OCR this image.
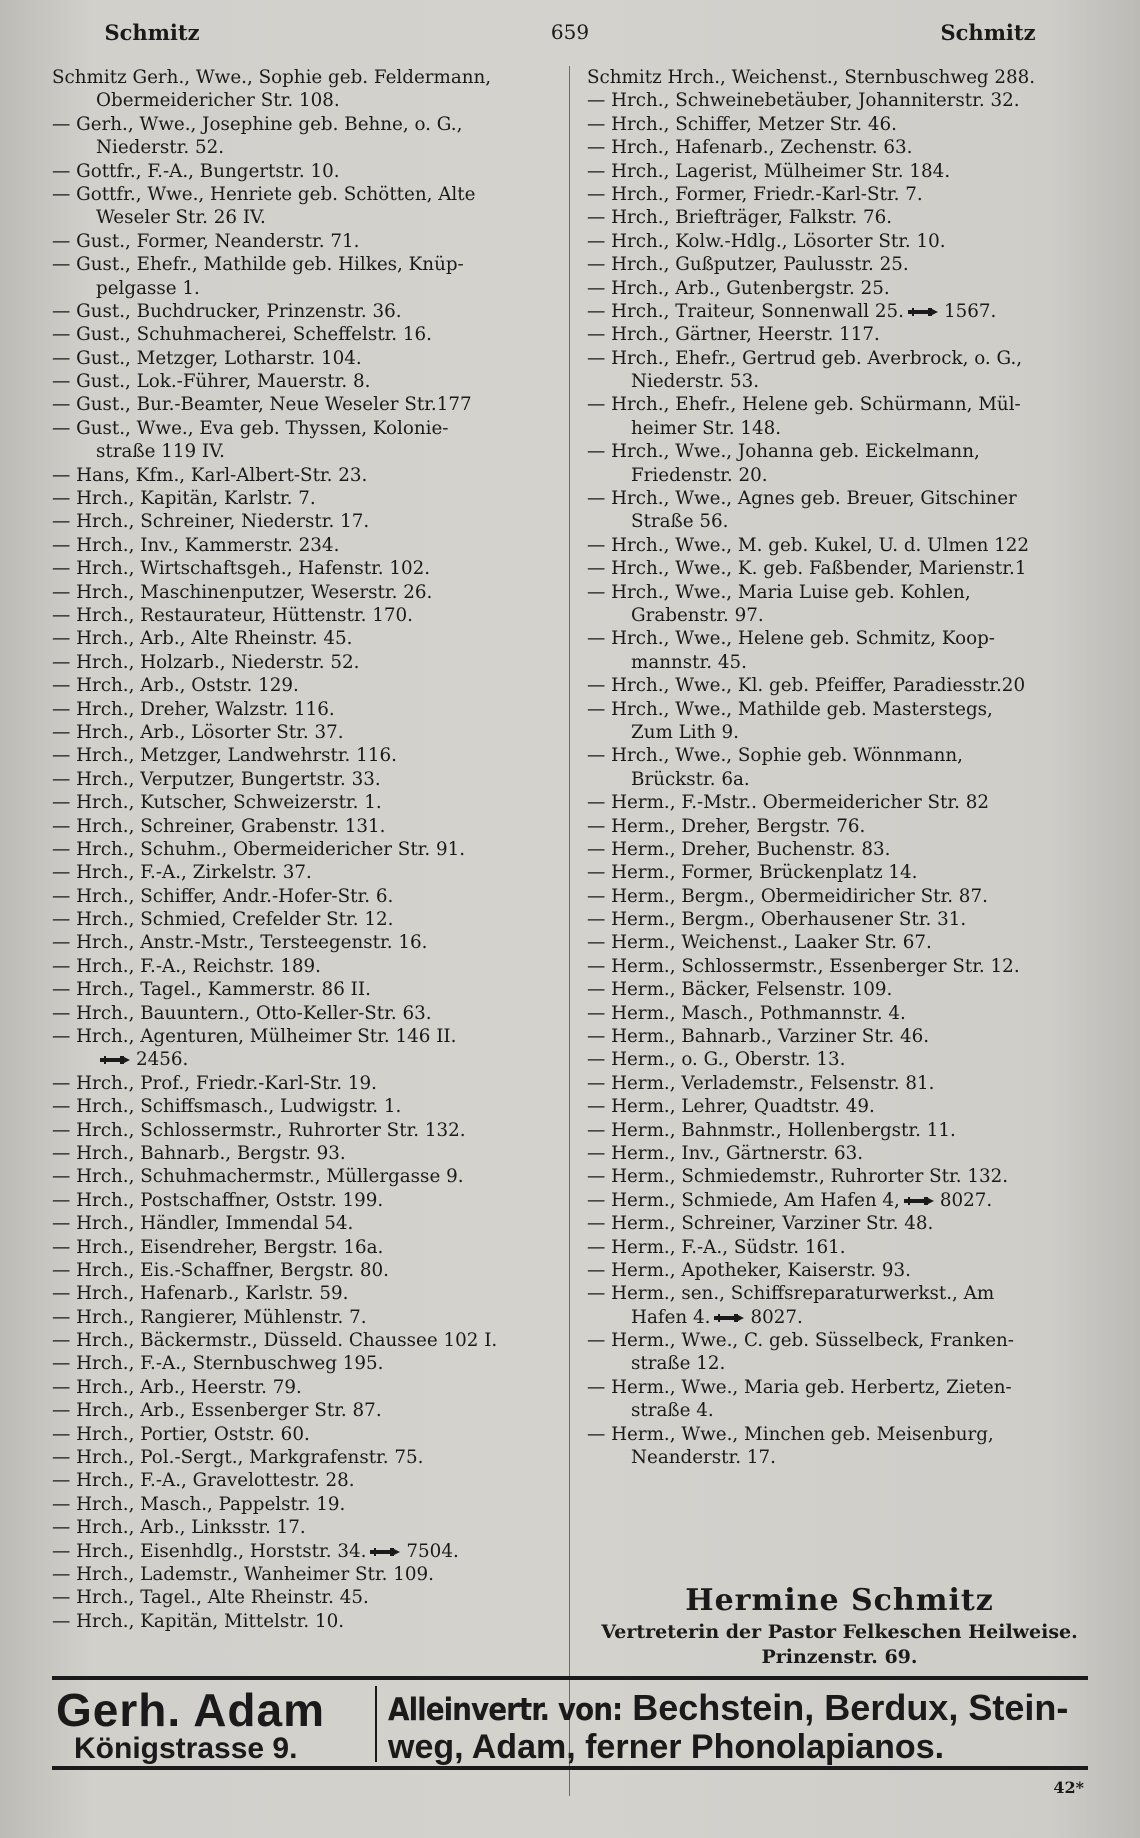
Schmitz	659	Schmitz
Schmitz Gerh., Wwe., Sophie geb. Feldermann,
Obermeidericher Str. 108.
— Gerh., Wwe., Josephine geb. Behne, o. G.,
Niederstr. 52.
— Gottfr., F.-A., Bungertstr. 10.
— Gottfr., Wwe., Henriete geb. Schötten, Alte
Weseler Str. 26 IV.
— Gust., Former, Neanderstr. 71.
— Gust., Ehefr., Mathilde geb. Hilkes, Knüp-
pelgasse 1.
— Gust., Buchdrucker, Prinzenstr. 36.
— Gust., Schuhmacherei, Scheffelstr. 16.
— Gust., Metzger, Lotharstr. 104.
— Gust., Lok.-Führer, Mauerstr. 8.
— Gust., Bur.-Beamter, Neue Weseler Str.177
— Gust., Wwe., Eva geb. Thyssen, Kolonie-
straße 119 IV.
— Hans, Kfm., Karl-Albert-Str. 23.
— Hrch., Kapitän, Karlstr. 7.
— Hrch., Schreiner, Niederstr. 17.
— Hrch., Inv., Kammerstr. 234.
— Hrch., Wirtschaftsgeh., Hafenstr. 102.
— Hrch., Maschinenputzer, Weserstr. 26.
— Hrch., Restaurateur, Hüttenstr. 170.
— Hrch., Arb., Alte Rheinstr. 45.
— Hrch., Holzarb., Niederstr. 52.
— Hrch., Arb., Oststr. 129.
— Hrch., Dreher, Walzstr. 116.
— Hrch., Arb., Lösorter Str. 37.
— Hrch., Metzger, Landwehrstr. 116.
— Hrch., Verputzer, Bungertstr. 33.
— Hrch., Kutscher, Schweizerstr. 1.
— Hrch., Schreiner, Grabenstr. 131.
— Hrch., Schuhm., Obermeidericher Str. 91.
— Hrch., F.-A., Zirkelstr. 37.
— Hrch., Schiffer, Andr.-Hofer-Str. 6.
— Hrch., Schmied, Crefelder Str. 12.
— Hrch., Anstr.-Mstr., Tersteegenstr. 16.
— Hrch., F.-A., Reichstr. 189.
— Hrch., Tagel., Kammerstr. 86 II.
— Hrch., Bauuntern., Otto-Keller-Str. 63.
— Hrch., Agenturen, Mülheimer Str. 146 II.
2456.
— Hrch., Prof., Friedr.-Karl-Str. 19.
— Hrch., Schiffsmasch., Ludwigstr. 1.
— Hrch., Schlossermstr., Ruhrorter Str. 132.
— Hrch., Bahnarb., Bergstr. 93.
— Hrch., Schuhmachermstr., Müllergasse 9.
— Hrch., Postschaffner, Oststr. 199.
— Hrch., Händler, Immendal 54.
— Hrch., Eisendreher, Bergstr. 16a.
— Hrch., Eis.-Schaffner, Bergstr. 80.
— Hrch., Hafenarb., Karlstr. 59.
— Hrch., Rangierer, Mühlenstr. 7.
— Hrch., Bäckermstr., Düsseld. Chaussee 102 I.
— Hrch., F.-A., Sternbuschweg 195.
— Hrch., Arb., Heerstr. 79.
— Hrch., Arb., Essenberger Str. 87.
— Hrch., Portier, Oststr. 60.
— Hrch., Pol.-Sergt., Markgrafenstr. 75.
— Hrch., F.-A., Gravelottestr. 28.
— Hrch., Masch., Pappelstr. 19.
— Hrch., Arb., Linksstr. 17.
— Hrch., Eisenhdlg., Horststr. 34. 7504.
— Hrch., Lademstr., Wanheimer Str. 109.
— Hrch., Tagel., Alte Rheinstr. 45.
— Hrch., Kapitän, Mittelstr. 10.
Schmitz Hrch., Weichenst., Sternbuschweg 288.
— Hrch., Schweinebetäuber, Johanniterstr. 32.
— Hrch., Schiffer, Metzer Str. 46.
— Hrch., Hafenarb., Zechenstr. 63.
— Hrch., Lagerist, Mülheimer Str. 184.
— Hrch., Former, Friedr.-Karl-Str. 7.
— Hrch., Briefträger, Falkstr. 76.
— Hrch., Kolw.-Hdlg., Lösorter Str. 10.
— Hrch., Gußputzer, Paulusstr. 25.
— Hrch., Arb., Gutenbergstr. 25.
— Hrch., Traiteur, Sonnenwall 25. 1567.
— Hrch., Gärtner, Heerstr. 117.
— Hrch., Ehefr., Gertrud geb. Averbrock, o. G.,
Niederstr. 53.
— Hrch., Ehefr., Helene geb. Schürmann, Mül-
heimer Str. 148.
— Hrch., Wwe., Johanna geb. Eickelmann,
Friedenstr. 20.
— Hrch., Wwe., Agnes geb. Breuer, Gitschiner
Straße 56.
— Hrch., Wwe., M. geb. Kukel, U. d. Ulmen 122
— Hrch., Wwe., K. geb. Faßbender, Marienstr.1
— Hrch., Wwe., Maria Luise geb. Kohlen,
Grabenstr. 97.
— Hrch., Wwe., Helene geb. Schmitz, Koop-
mannstr. 45.
— Hrch., Wwe., Kl. geb. Pfeiffer, Paradiesstr.20
— Hrch., Wwe., Mathilde geb. Masterstegs,
Zum Lith 9.
— Hrch., Wwe., Sophie geb. Wönnmann,
Brückstr. 6a.
— Herm., F.-Mstr.. Obermeidericher Str. 82
— Herm., Dreher, Bergstr. 76.
— Herm., Dreher, Buchenstr. 83.
— Herm., Former, Brückenplatz 14.
— Herm., Bergm., Obermeidiricher Str. 87.
— Herm., Bergm., Oberhausener Str. 31.
— Herm., Weichenst., Laaker Str. 67.
— Herm., Schlossermstr., Essenberger Str. 12.
— Herm., Bäcker, Felsenstr. 109.
— Herm., Masch., Pothmannstr. 4.
— Herm., Bahnarb., Varziner Str. 46.
— Herm., o. G., Oberstr. 13.
— Herm., Verlademstr., Felsenstr. 81.
— Herm., Lehrer, Quadtstr. 49.
— Herm., Bahnmstr., Hollenbergstr. 11.
— Herm., Inv., Gärtnerstr. 63.
— Herm., Schmiedemstr., Ruhrorter Str. 132.
— Herm., Schmiede, Am Hafen 4, 8027.
— Herm., Schreiner, Varziner Str. 48.
— Herm., F.-A., Südstr. 161.
— Herm., Apotheker, Kaiserstr. 93.
— Herm., sen., Schiffsreparaturwerkst., Am
Hafen 4. 8027.
— Herm., Wwe., C. geb. Süsselbeck, Franken-
straße 12.
— Herm., Wwe., Maria geb. Herbertz, Zieten-
straße 4.
— Herm., Wwe., Minchen geb. Meisenburg,
Neanderstr. 17.
Hermine Schmitz
Vertreterin der Pastor Felkeschen Heilweise.
Prinzenstr. 69.
Gerh. Adam
Königstrasse 9.
Alleinvertr. von: Bechstein, Berdux, Stein-
weg, Adam, ferner Phonolapianos.
42*
